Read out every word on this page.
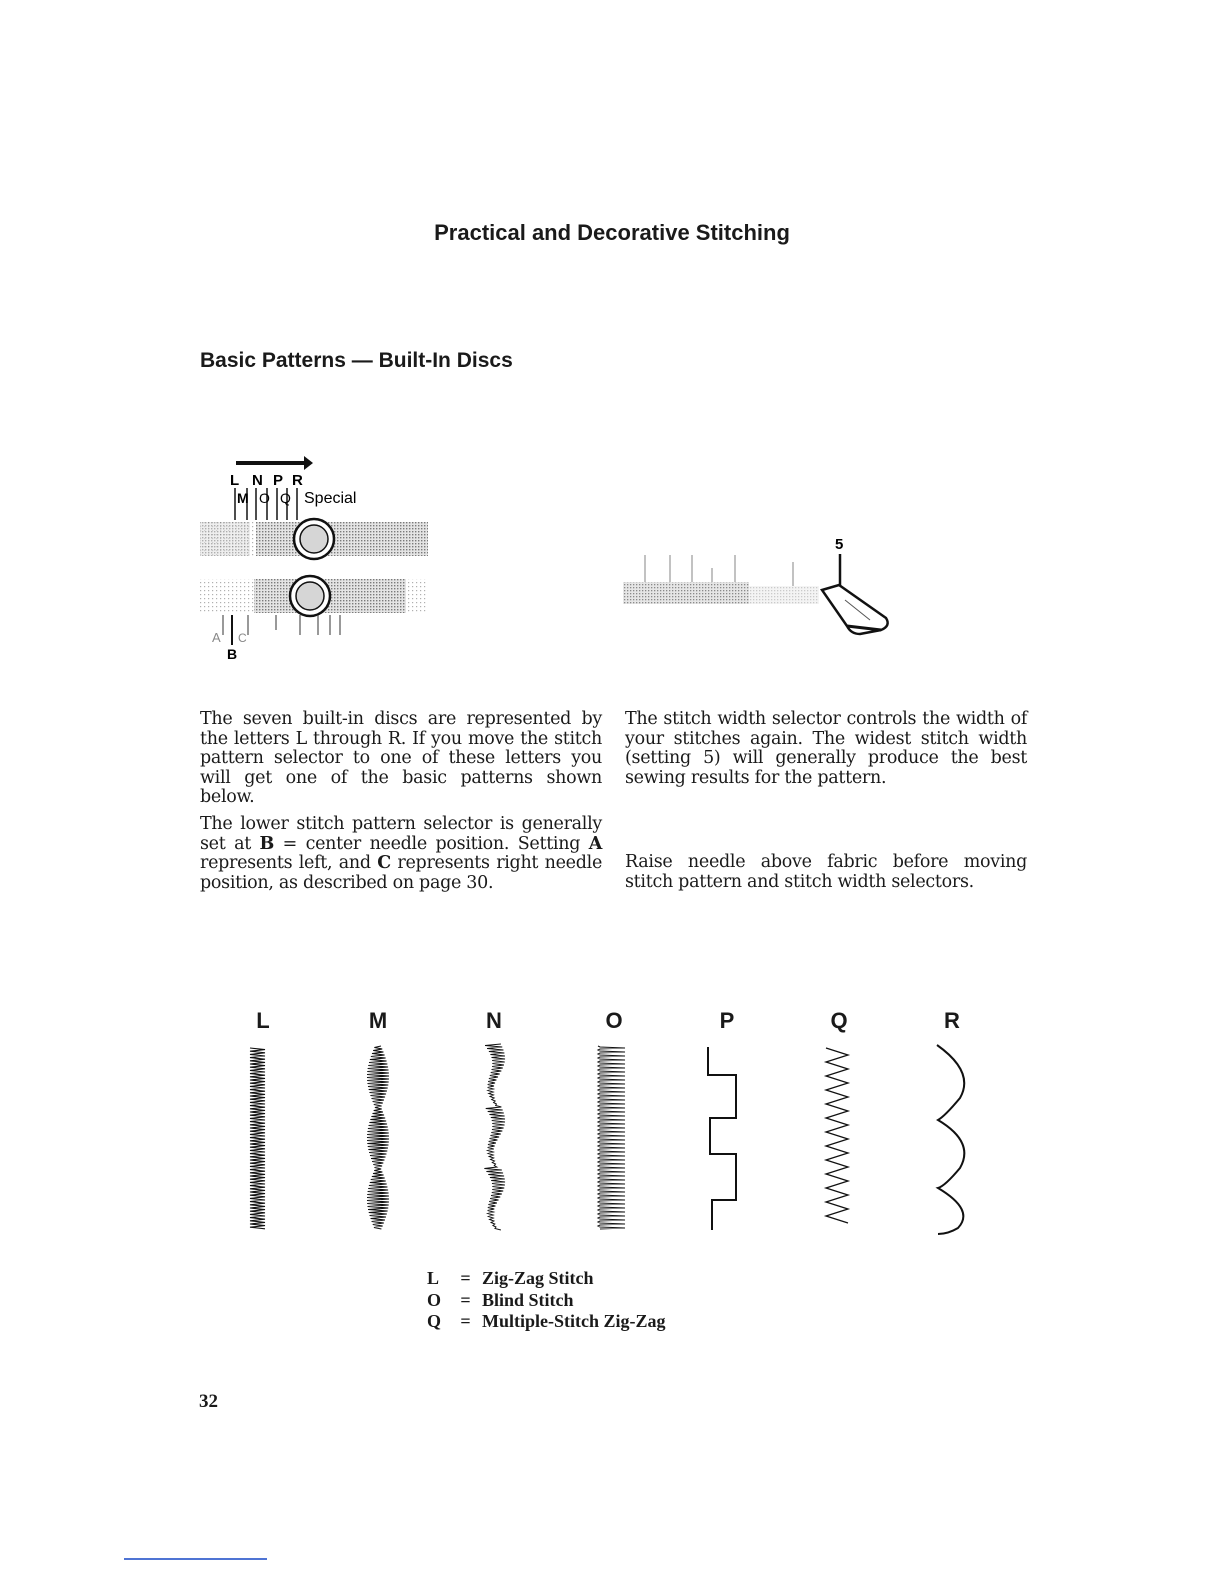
Practical and Decorative Stitching
Basic Patterns — Built-In Discs
L N P R
M O Q Special
A C
B
5
The seven built-in discs are represented by the letters L through R. If you move the stitch pattern selector to one of these letters you will get one of the basic patterns shown below.
The lower stitch pattern selector is generally set at B = center needle position. Setting A represents left, and C represents right needle position, as described on page 30.
The stitch width selector controls the width of your stitches again. The widest stitch width (setting 5) will generally produce the best sewing results for the pattern.
Raise needle above fabric before moving stitch pattern and stitch width selectors.
L	M	N	O	P	Q	R
L	=	Zig-Zag Stitch
O	=	Blind Stitch
Q	=	Multiple-Stitch Zig-Zag
32
